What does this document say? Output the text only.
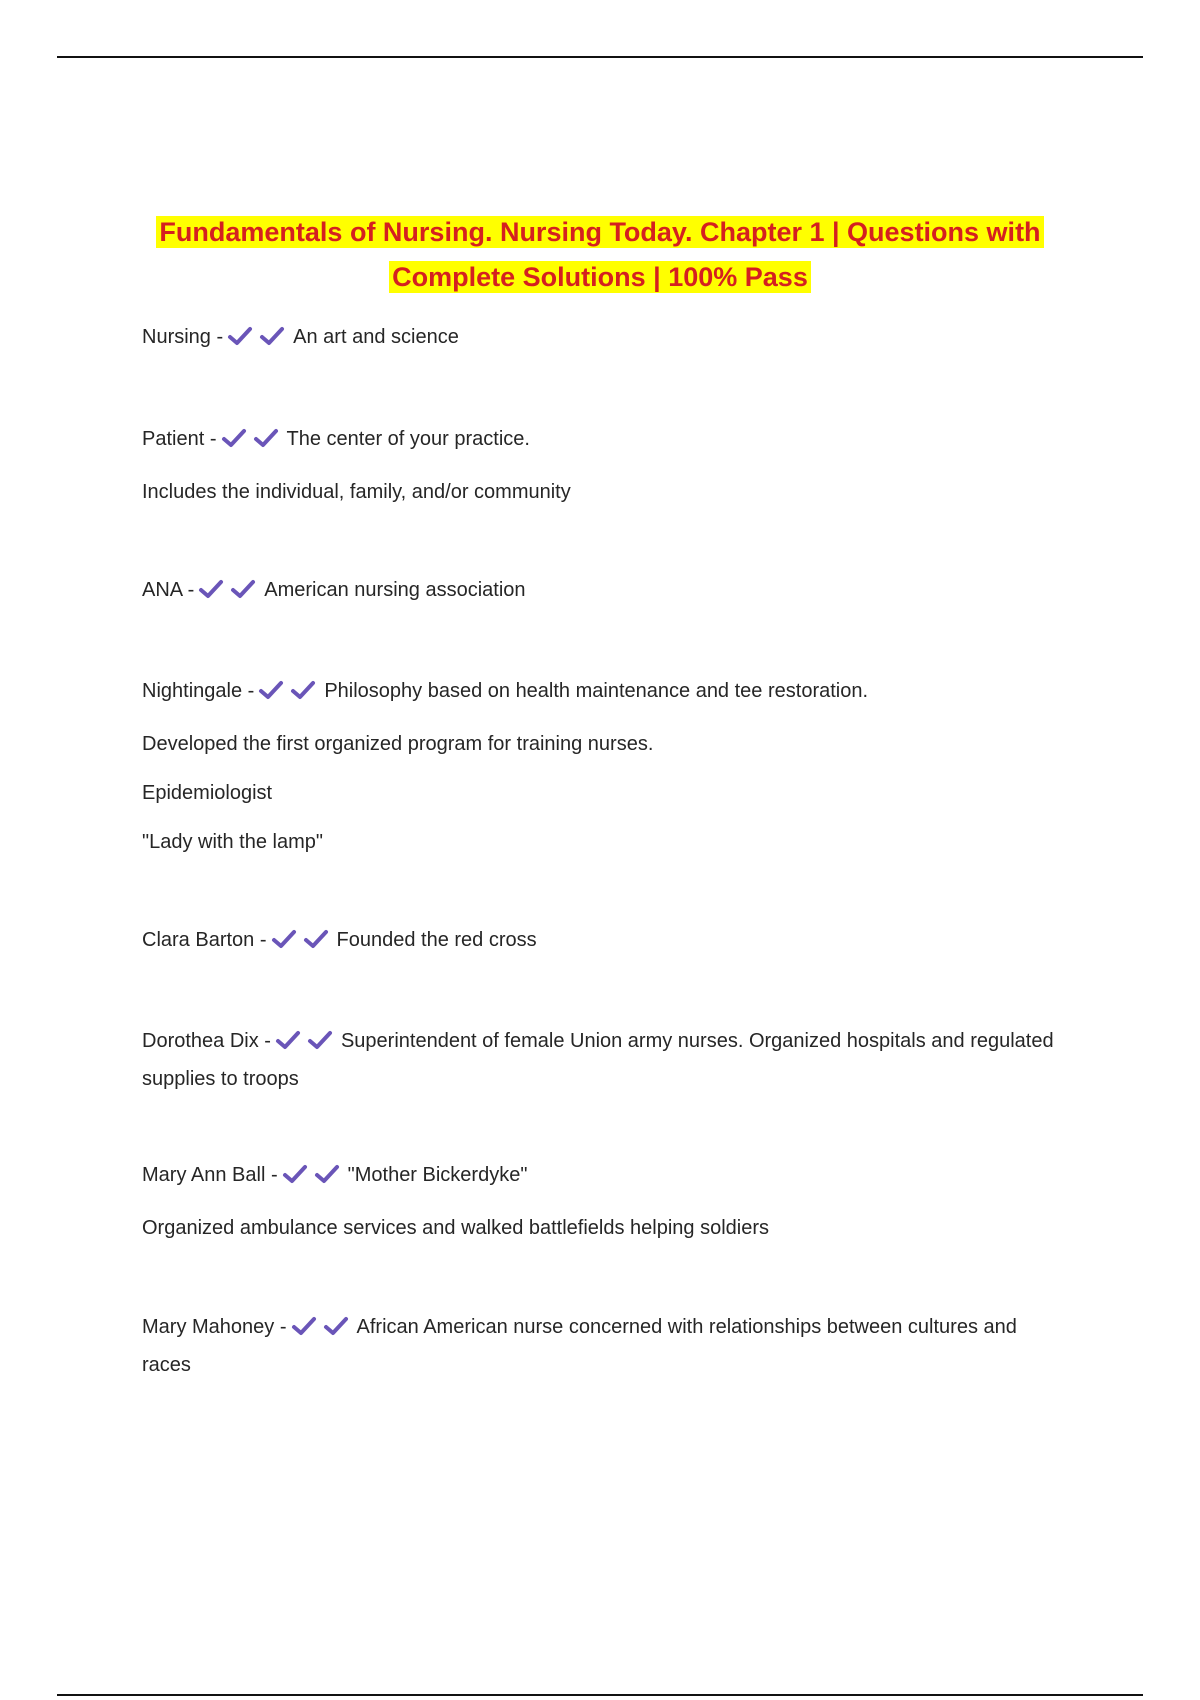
Fundamentals of Nursing. Nursing Today. Chapter 1 | Questions with
Complete Solutions | 100% Pass

Nursing -	An art and science

Patient -	The center of your practice.

Includes the individual, family, and/or community

ANA -	American nursing association

Nightingale -	Philosophy based on health maintenance and tee restoration.

Developed the first organized program for training nurses.

Epidemiologist

"Lady with the lamp"

Clara Barton -	Founded the red cross

Dorothea Dix -	Superintendent of female Union army nurses. Organized hospitals and regulated supplies to troops

Mary Ann Ball -	"Mother Bickerdyke"

Organized ambulance services and walked battlefields helping soldiers

Mary Mahoney -	African American nurse concerned with relationships between cultures and races
